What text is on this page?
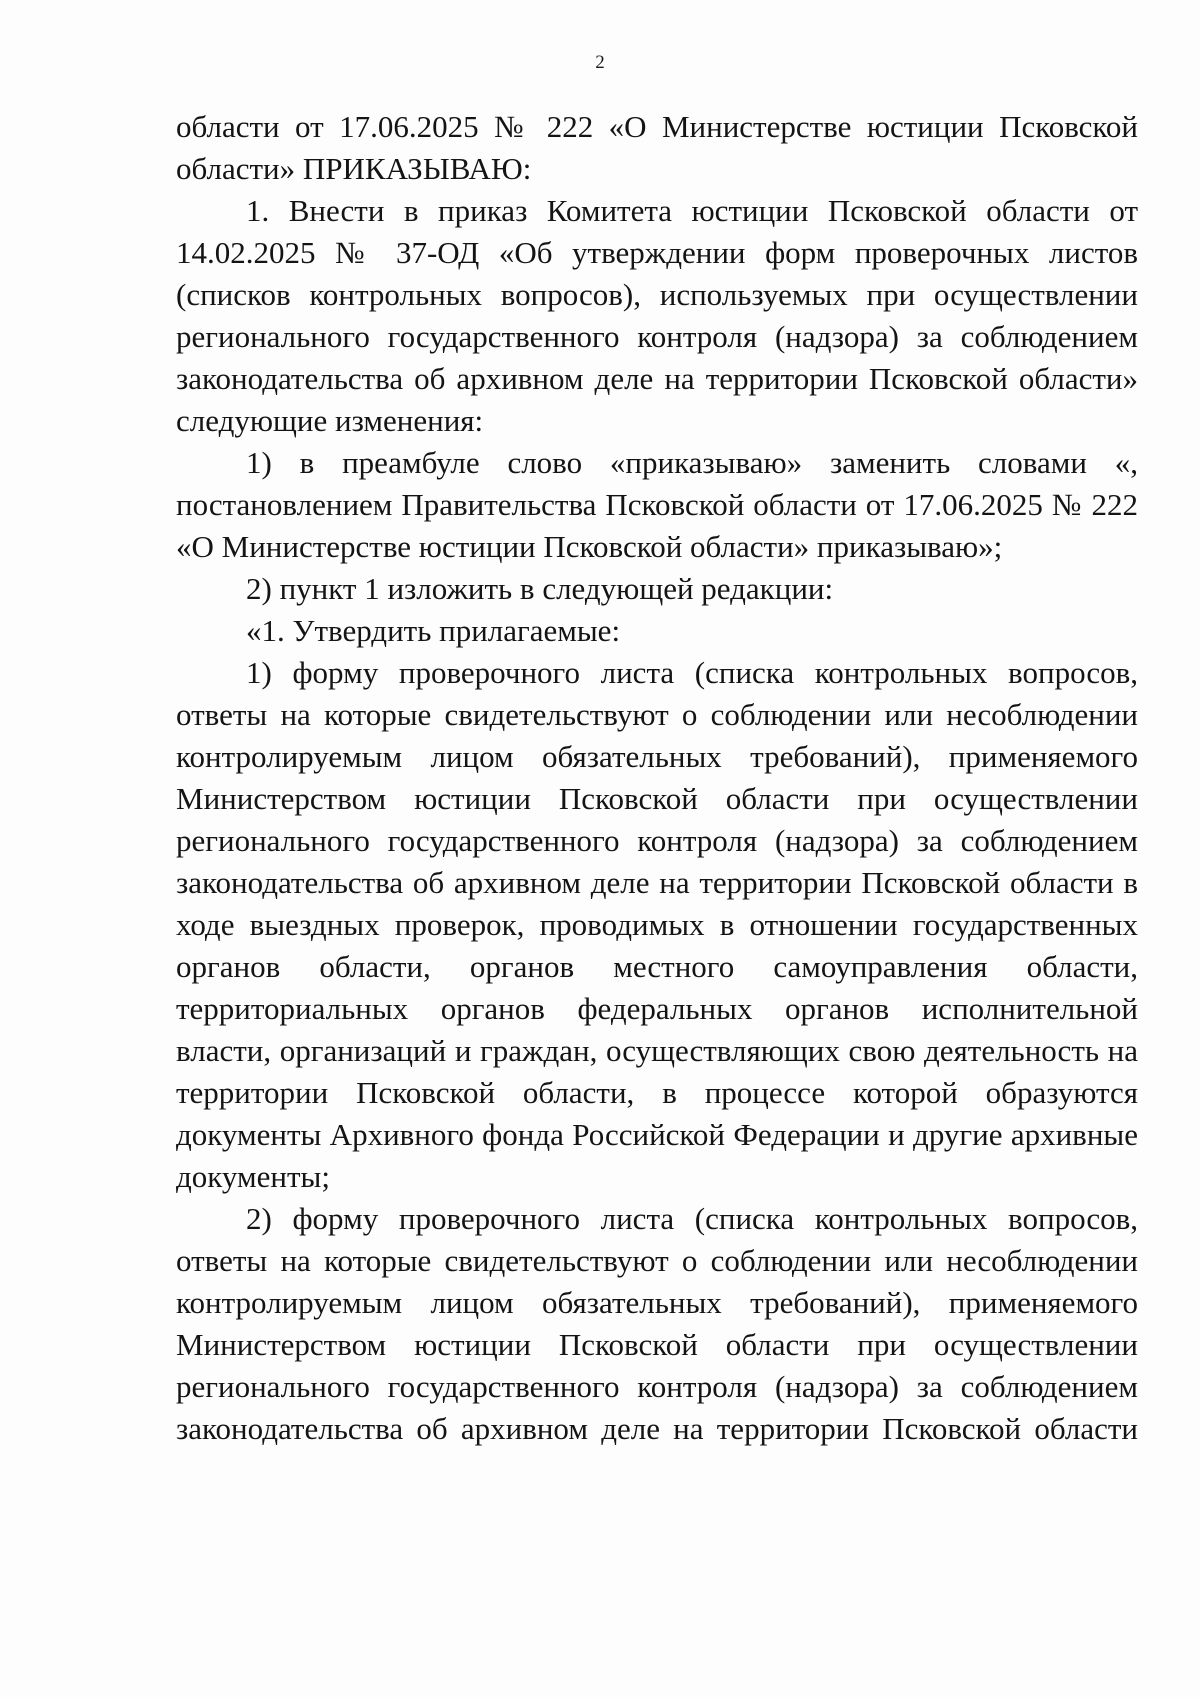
2

области от 17.06.2025 № 222 «О Министерстве юстиции Псковской области» ПРИКАЗЫВАЮ:

1. Внести в приказ Комитета юстиции Псковской области от 14.02.2025 № 37-ОД «Об утверждении форм проверочных листов (списков контрольных вопросов), используемых при осуществлении регионального государственного контроля (надзора) за соблюдением законодательства об архивном деле на территории Псковской области» следующие изменения:

1) в преамбуле слово «приказываю» заменить словами «, постановлением Правительства Псковской области от 17.06.2025 № 222 «О Министерстве юстиции Псковской области» приказываю»;

2) пункт 1 изложить в следующей редакции:

«1. Утвердить прилагаемые:

1) форму проверочного листа (списка контрольных вопросов, ответы на которые свидетельствуют о соблюдении или несоблюдении контролируемым лицом обязательных требований), применяемого Министерством юстиции Псковской области при осуществлении регионального государственного контроля (надзора) за соблюдением законодательства об архивном деле на территории Псковской области в ходе выездных проверок, проводимых в отношении государственных органов области, органов местного самоуправления области, территориальных органов федеральных органов исполнительной власти, организаций и граждан, осуществляющих свою деятельность на территории Псковской области, в процессе которой образуются документы Архивного фонда Российской Федерации и другие архивные документы;

2) форму проверочного листа (списка контрольных вопросов, ответы на которые свидетельствуют о соблюдении или несоблюдении контролируемым лицом обязательных требований), применяемого Министерством юстиции Псковской области при осуществлении регионального государственного контроля (надзора) за соблюдением законодательства об архивном деле на территории Псковской области
